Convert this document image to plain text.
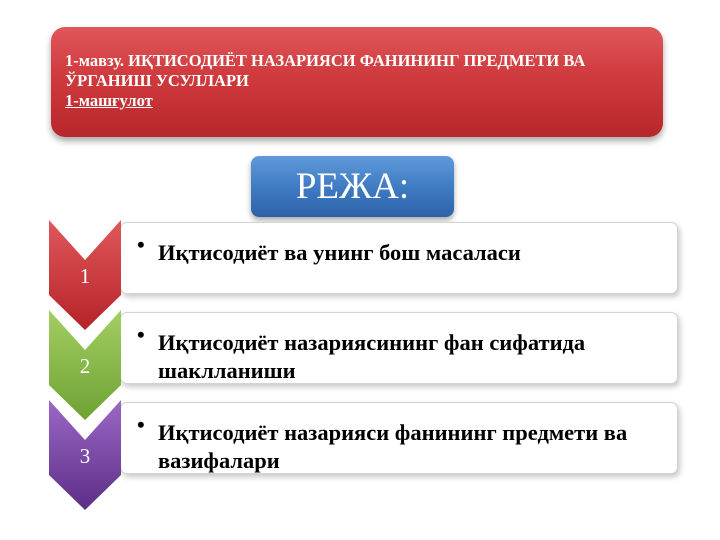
1-мавзу. ИҚТИСОДИЁТ НАЗАРИЯСИ ФАНИНИНГ ПРЕДМЕТИ ВА ЎРГАНИШ УСУЛЛАРИ
1-машғулот
РЕЖА:
• Иқтисодиёт ва унинг бош масаласи
1
• Иқтисодиёт назариясининг фан сифатида шаклланиши
2
• Иқтисодиёт назарияси фанининг предмети ва вазифалари
3
